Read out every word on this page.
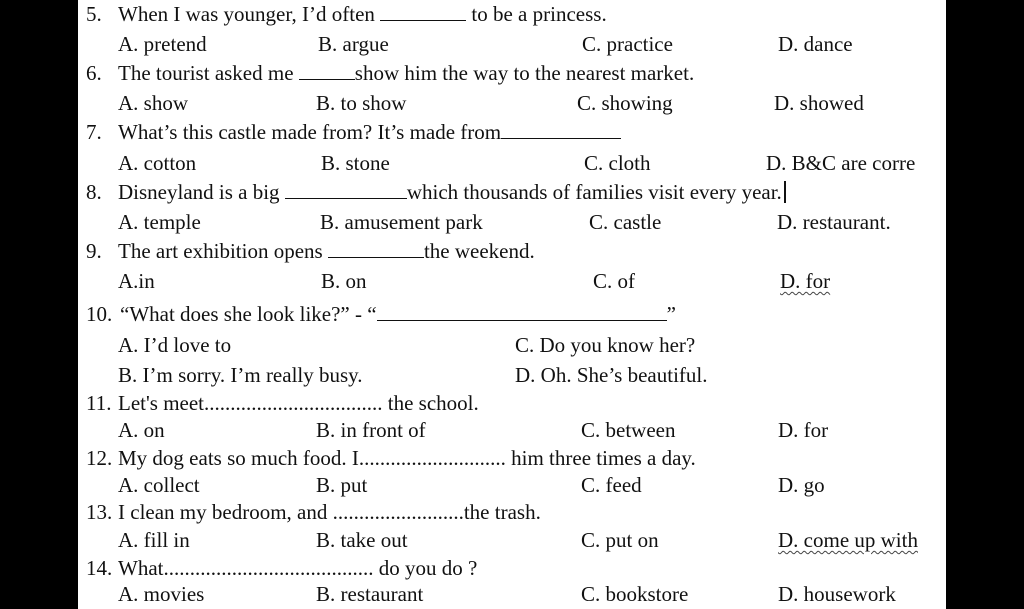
5. When I was younger, I’d often	to be a princess.
A. pretend	B. argue	C. practice	D. dance
6. The tourist asked me	show him the way to the nearest market.
A. show	B. to show	C. showing	D. showed
7. What’s this castle made from? It’s made from
A. cotton	B. stone	C. cloth	D. B&C are corre
8. Disneyland is a big	which thousands of families visit every year.
A. temple	B. amusement park	C. castle	D. restaurant.
9. The art exhibition opens	the weekend.
A.in	B. on	C. of	D. for
10. “What does she look like?” - “	”
A. I’d love to	C. Do you know her?
B. I’m sorry. I’m really busy.	D. Oh. She’s beautiful.
11. Let's meet.................................. the school.
A. on	B. in front of	C. between	D. for
12. My dog eats so much food. I............................ him three times a day.
A. collect	B. put	C. feed	D. go
13. I clean my bedroom, and .........................the trash.
A. fill in	B. take out	C. put on	D. come up with
14. What........................................ do you do ?
A. movies	B. restaurant	C. bookstore	D. housework
